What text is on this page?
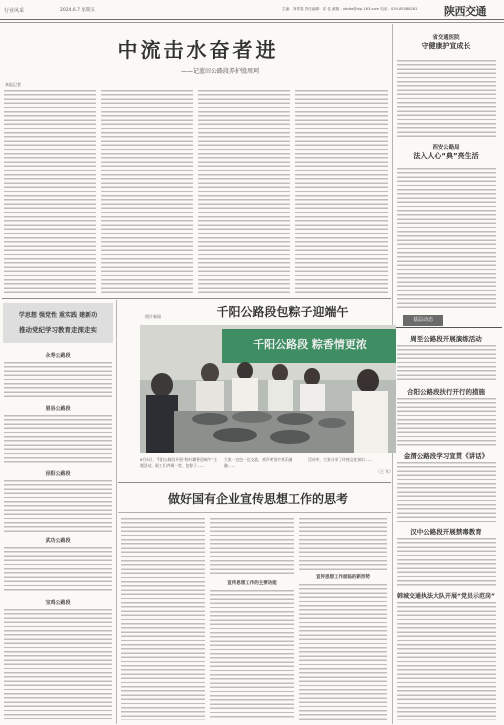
行业风采	2024.6.7 星期五	主编：刘青春 责任编辑：祁 佳 邮箱：xbdta@vip.163.com 电话：029-85588281 陕西交通
中流击水奋者进
——记蓝田公路段养护股周珂
本报记者
省交通医院
守健康护宣成长
西安公路局
法入人心“典”亮生活
基层动态
周至公路段开展演练活动
合阳公路段扶行开行的措施
金渭公路段学习宣贯《讲话》
汉中公路段开展禁毒教育
韩城交通执法大队开展“党员示范岗”
学思想 强党性 重实践 建新功
推动党纪学习教育走深走实
永寿公路段
眉县公路段
泾阳公路段
武功公路段
宝鸡公路段
图片新闻	千阳公路段包粽子迎端午
千阳公路段 粽香情更浓
6月5日，千阳公路段开展“粽叶飘香迎端午”主题活动，职工们齐聚一堂，包粽子……
大家一边包一边交流，欢声笑语中其乐融融……
活动中，大家分享了传统文化知识……
（王 军）
做好国有企业宣传思想工作的思考
宣传思想工作的主要功能
宣传思想工作面临的新形势
